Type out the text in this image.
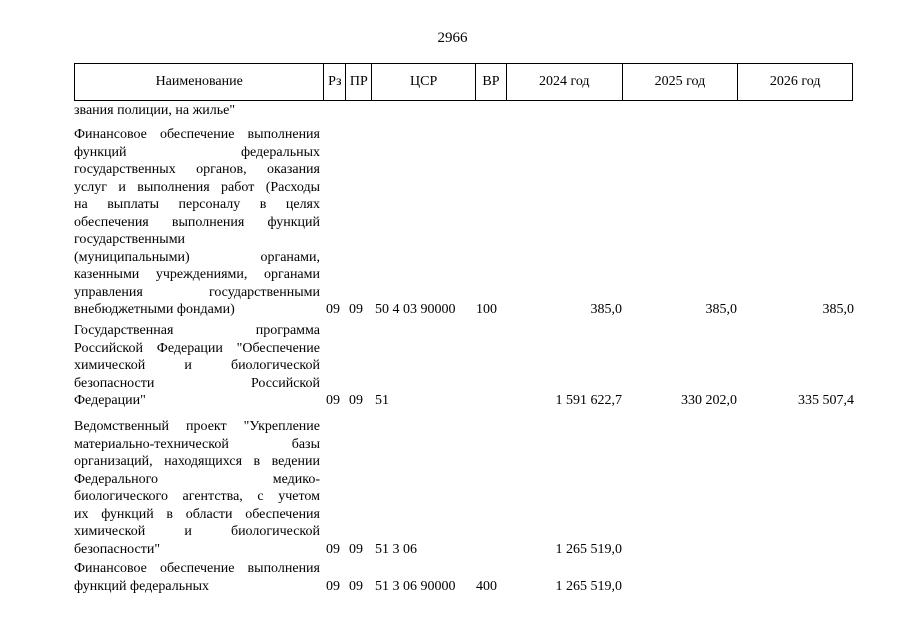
2966
Наименование	Рз ПР	ЦСР	ВР	2024 год	2025 год	2026 год
звания полиции, на жилье"
Финансовое обеспечение выполнения
функций федеральных
государственных органов, оказания
услуг и выполнения работ (Расходы
на выплаты персоналу в целях
обеспечения выполнения функций
государственными
(муниципальными) органами,
казенными учреждениями, органами
управления государственными
внебюджетными фондами)	09 09 50 4 03 90000 100	385,0	385,0	385,0
Государственная программа
Российской Федерации "Обеспечение
химической и биологической
безопасности Российской
Федерации"	09 09 51	1 591 622,7	330 202,0	335 507,4
Ведомственный проект "Укрепление
материально-технической базы
организаций, находящихся в ведении
Федерального медико-
биологического агентства, с учетом
их функций в области обеспечения
химической и биологической
безопасности"	09 09 51 3 06	1 265 519,0
Финансовое обеспечение выполнения
функций федеральных	09 09 51 3 06 90000 400	1 265 519,0
